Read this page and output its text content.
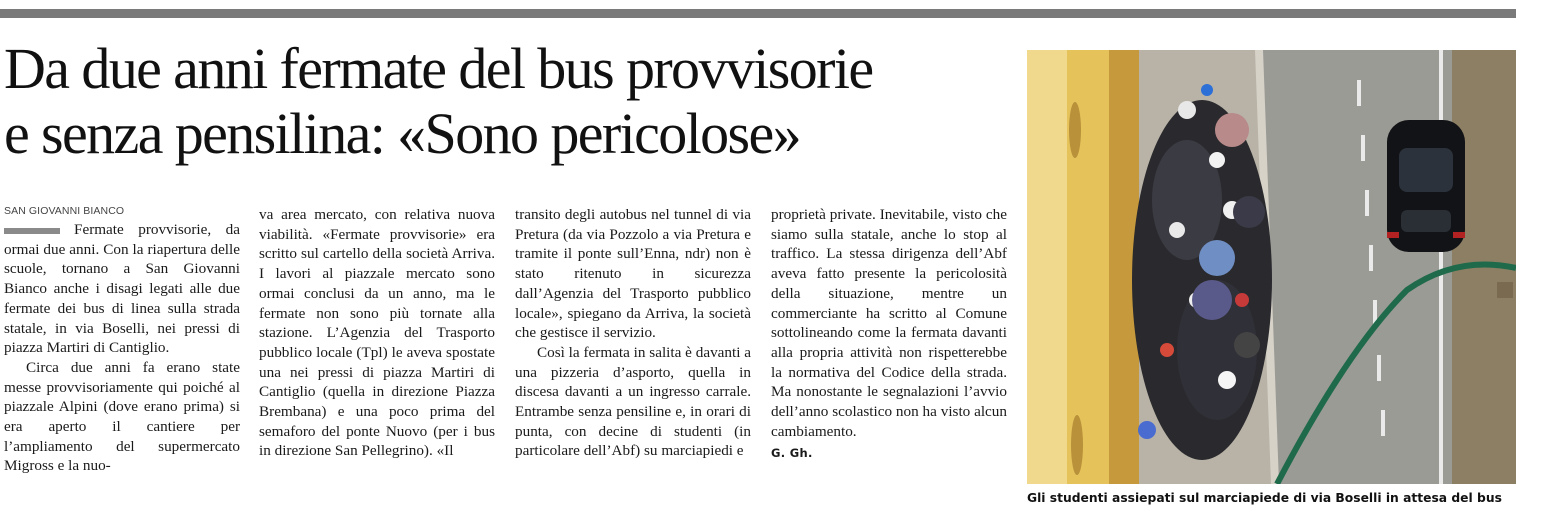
Da due anni fermate del bus provvisorie
e senza pensilina: «Sono pericolose»
SAN GIOVANNI BIANCO

Fermate provvisorie, da ormai due anni. Con la riapertura delle scuole, tornano a San Giovanni Bianco anche i disagi legati alle due fermate dei bus di linea sulla strada statale, in via Boselli, nei pressi di piazza Martiri di Cantiglio.

Circa due anni fa erano state messe provvisoriamente qui poiché al piazzale Alpini (dove erano prima) si era aperto il cantiere per l’ampliamento del supermercato Migross e la nuo-

va area mercato, con relativa nuova viabilità. «Fermate provvisorie» era scritto sul cartello della società Arriva. I lavori al piazzale mercato sono ormai conclusi da un anno, ma le fermate non sono più tornate alla stazione. L’Agenzia del Trasporto pubblico locale (Tpl) le aveva spostate una nei pressi di piazza Martiri di Cantiglio (quella in direzione Piazza Brembana) e una poco prima del semaforo del ponte Nuovo (per i bus in direzione San Pellegrino). «Il

transito degli autobus nel tunnel di via Pretura (da via Pozzolo a via Pretura e tramite il ponte sull’Enna, ndr) non è stato ritenuto in sicurezza dall’Agenzia del Trasporto pubblico locale», spiegano da Arriva, la società che gestisce il servizio.

Così la fermata in salita è davanti a una pizzeria d’asporto, quella in discesa davanti a un ingresso carrale. Entrambe senza pensiline e, in orari di punta, con decine di studenti (in particolare dell’Abf) su marciapiedi e

proprietà private. Inevitabile, visto che siamo sulla statale, anche lo stop al traffico. La stessa dirigenza dell’Abf aveva fatto presente la pericolosità della situazione, mentre un commerciante ha scritto al Comune sottolineando come la fermata davanti alla propria attività non rispetterebbe la normativa del Codice della strada. Ma nonostante le segnalazioni l’avvio dell’anno scolastico non ha visto alcun cambiamento.

G. Gh.
Gli studenti assiepati sul marciapiede di via Boselli in attesa del bus
